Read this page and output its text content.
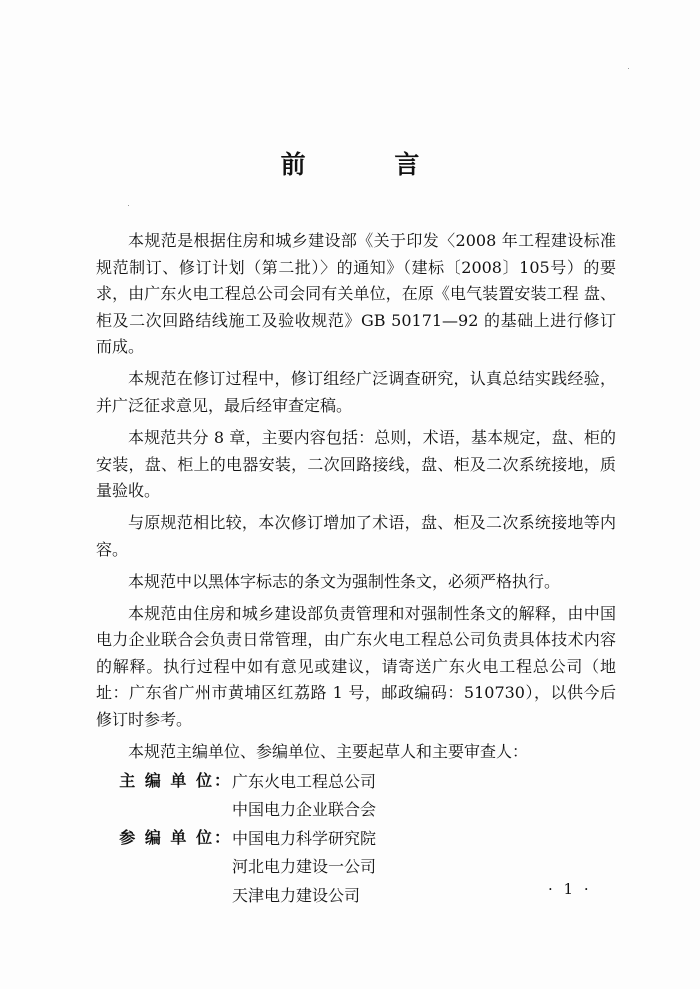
前 言

本规范是根据住房和城乡建设部《关于印发〈2008 年工程建设标准规范制订、修订计划（第二批）〉的通知》（建标〔2008〕105号）的要求，由广东火电工程总公司会同有关单位，在原《电气装置安装工程 盘、柜及二次回路结线施工及验收规范》GB 50171—92 的基础上进行修订而成。

本规范在修订过程中，修订组经广泛调查研究，认真总结实践经验，并广泛征求意见，最后经审查定稿。

本规范共分 8 章，主要内容包括：总则，术语，基本规定，盘、柜的安装，盘、柜上的电器安装，二次回路接线，盘、柜及二次系统接地，质量验收。

与原规范相比较，本次修订增加了术语，盘、柜及二次系统接地等内容。

本规范中以黑体字标志的条文为强制性条文，必须严格执行。

本规范由住房和城乡建设部负责管理和对强制性条文的解释，由中国电力企业联合会负责日常管理，由广东火电工程总公司负责具体技术内容的解释。执行过程中如有意见或建议，请寄送广东火电工程总公司（地址：广东省广州市黄埔区红荔路 1 号，邮政编码：510730），以供今后修订时参考。

本规范主编单位、参编单位、主要起草人和主要审查人：

主 编 单 位： 广东火电工程总公司
中国电力企业联合会
参 编 单 位： 中国电力科学研究院
河北电力建设一公司
天津电力建设公司	· 1 ·
